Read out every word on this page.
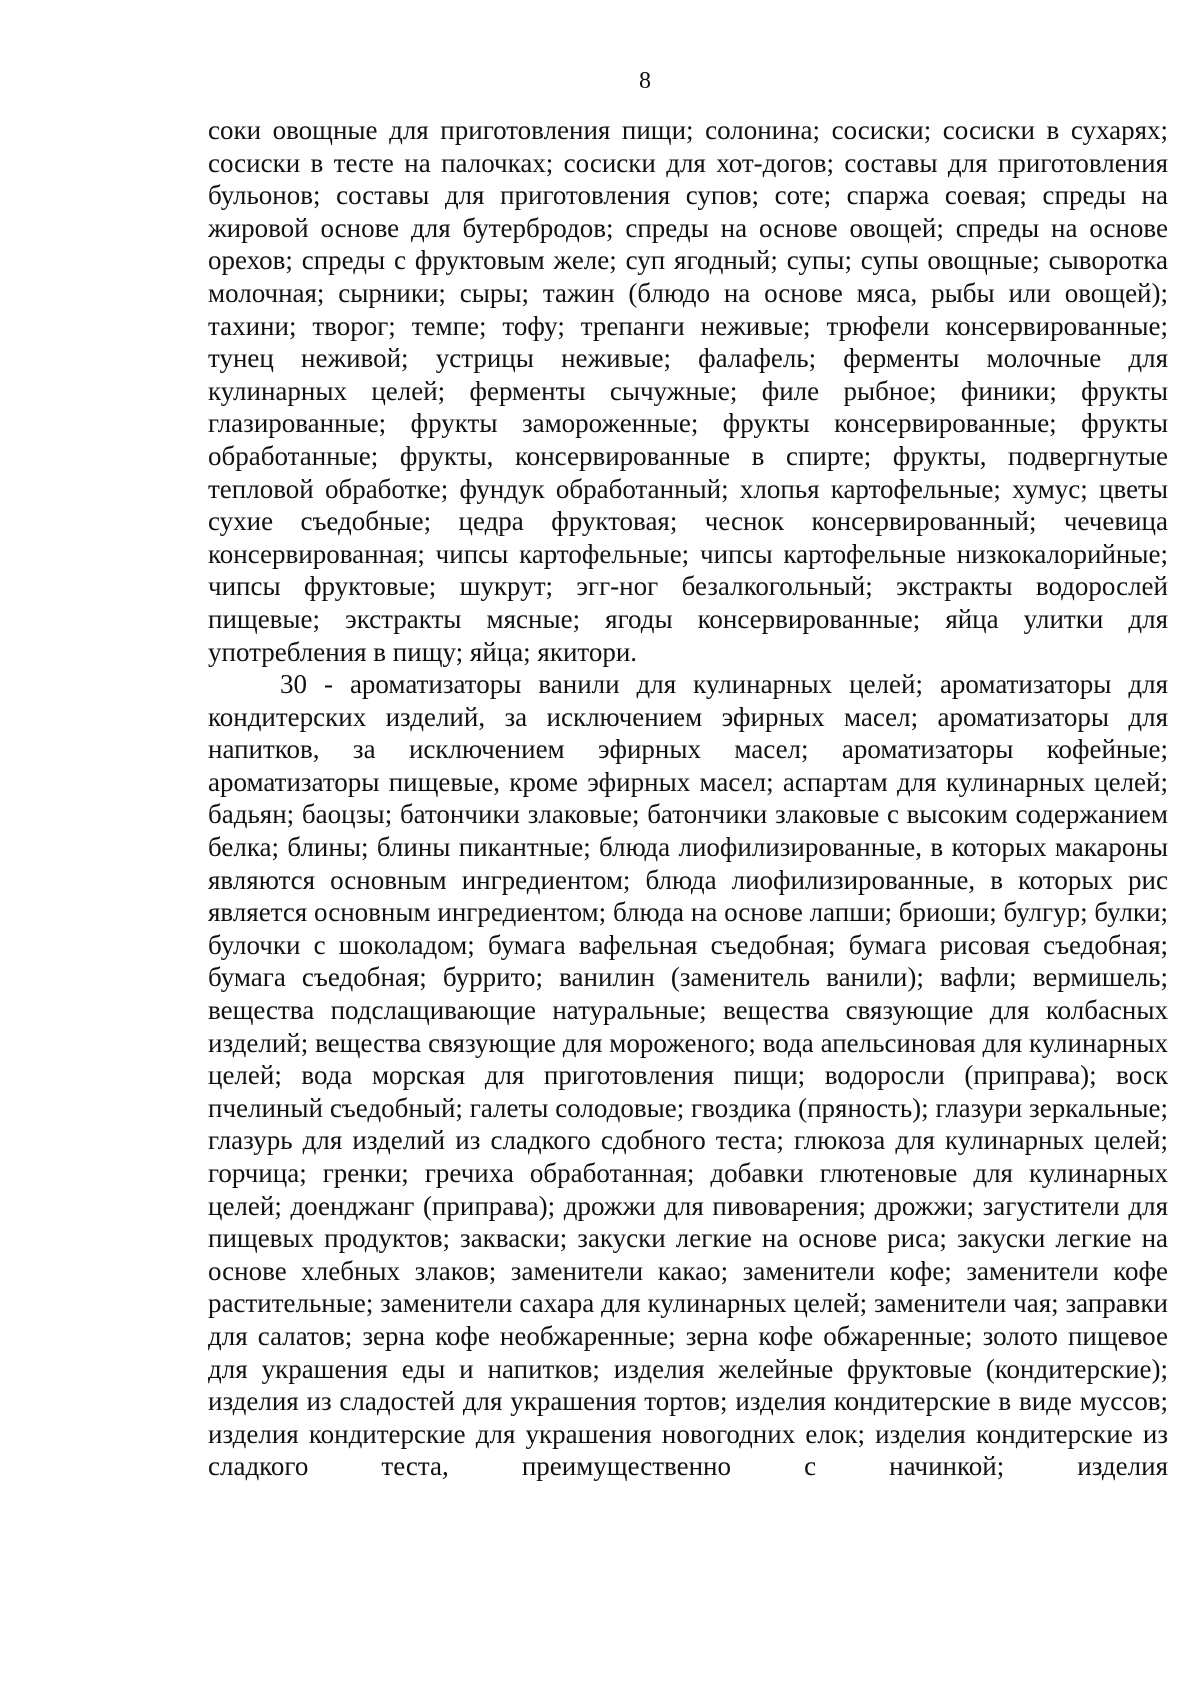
8

соки овощные для приготовления пищи; солонина; сосиски; сосиски в сухарях; сосиски в тесте на палочках; сосиски для хот-догов; составы для приготовления бульонов; составы для приготовления супов; соте; спаржа соевая; спреды на жировой основе для бутербродов; спреды на основе овощей; спреды на основе орехов; спреды с фруктовым желе; суп ягодный; супы; супы овощные; сыворотка молочная; сырники; сыры; тажин (блюдо на основе мяса, рыбы или овощей); тахини; творог; темпе; тофу; трепанги неживые; трюфели консервированные; тунец неживой; устрицы неживые; фалафель; ферменты молочные для кулинарных целей; ферменты сычужные; филе рыбное; финики; фрукты глазированные; фрукты замороженные; фрукты консервированные; фрукты обработанные; фрукты, консервированные в спирте; фрукты, подвергнутые тепловой обработке; фундук обработанный; хлопья картофельные; хумус; цветы сухие съедобные; цедра фруктовая; чеснок консервированный; чечевица консервированная; чипсы картофельные; чипсы картофельные низкокалорийные; чипсы фруктовые; шукрут; эгг-ног безалкогольный; экстракты водорослей пищевые; экстракты мясные; ягоды консервированные; яйца улитки для употребления в пищу; яйца; якитори.

30 - ароматизаторы ванили для кулинарных целей; ароматизаторы для кондитерских изделий, за исключением эфирных масел; ароматизаторы для напитков, за исключением эфирных масел; ароматизаторы кофейные; ароматизаторы пищевые, кроме эфирных масел; аспартам для кулинарных целей; бадьян; баоцзы; батончики злаковые; батончики злаковые с высоким содержанием белка; блины; блины пикантные; блюда лиофилизированные, в которых макароны являются основным ингредиентом; блюда лиофилизированные, в которых рис является основным ингредиентом; блюда на основе лапши; бриоши; булгур; булки; булочки с шоколадом; бумага вафельная съедобная; бумага рисовая съедобная; бумага съедобная; буррито; ванилин (заменитель ванили); вафли; вермишель; вещества подслащивающие натуральные; вещества связующие для колбасных изделий; вещества связующие для мороженого; вода апельсиновая для кулинарных целей; вода морская для приготовления пищи; водоросли (приправа); воск пчелиный съедобный; галеты солодовые; гвоздика (пряность); глазури зеркальные; глазурь для изделий из сладкого сдобного теста; глюкоза для кулинарных целей; горчица; гренки; гречиха обработанная; добавки глютеновые для кулинарных целей; доенджанг (приправа); дрожжи для пивоварения; дрожжи; загустители для пищевых продуктов; закваски; закуски легкие на основе риса; закуски легкие на основе хлебных злаков; заменители какао; заменители кофе; заменители кофе растительные; заменители сахара для кулинарных целей; заменители чая; заправки для салатов; зерна кофе необжаренные; зерна кофе обжаренные; золото пищевое для украшения еды и напитков; изделия желейные фруктовые (кондитерские); изделия из сладостей для украшения тортов; изделия кондитерские в виде муссов; изделия кондитерские для украшения новогодних елок; изделия кондитерские из сладкого теста, преимущественно с начинкой; изделия
